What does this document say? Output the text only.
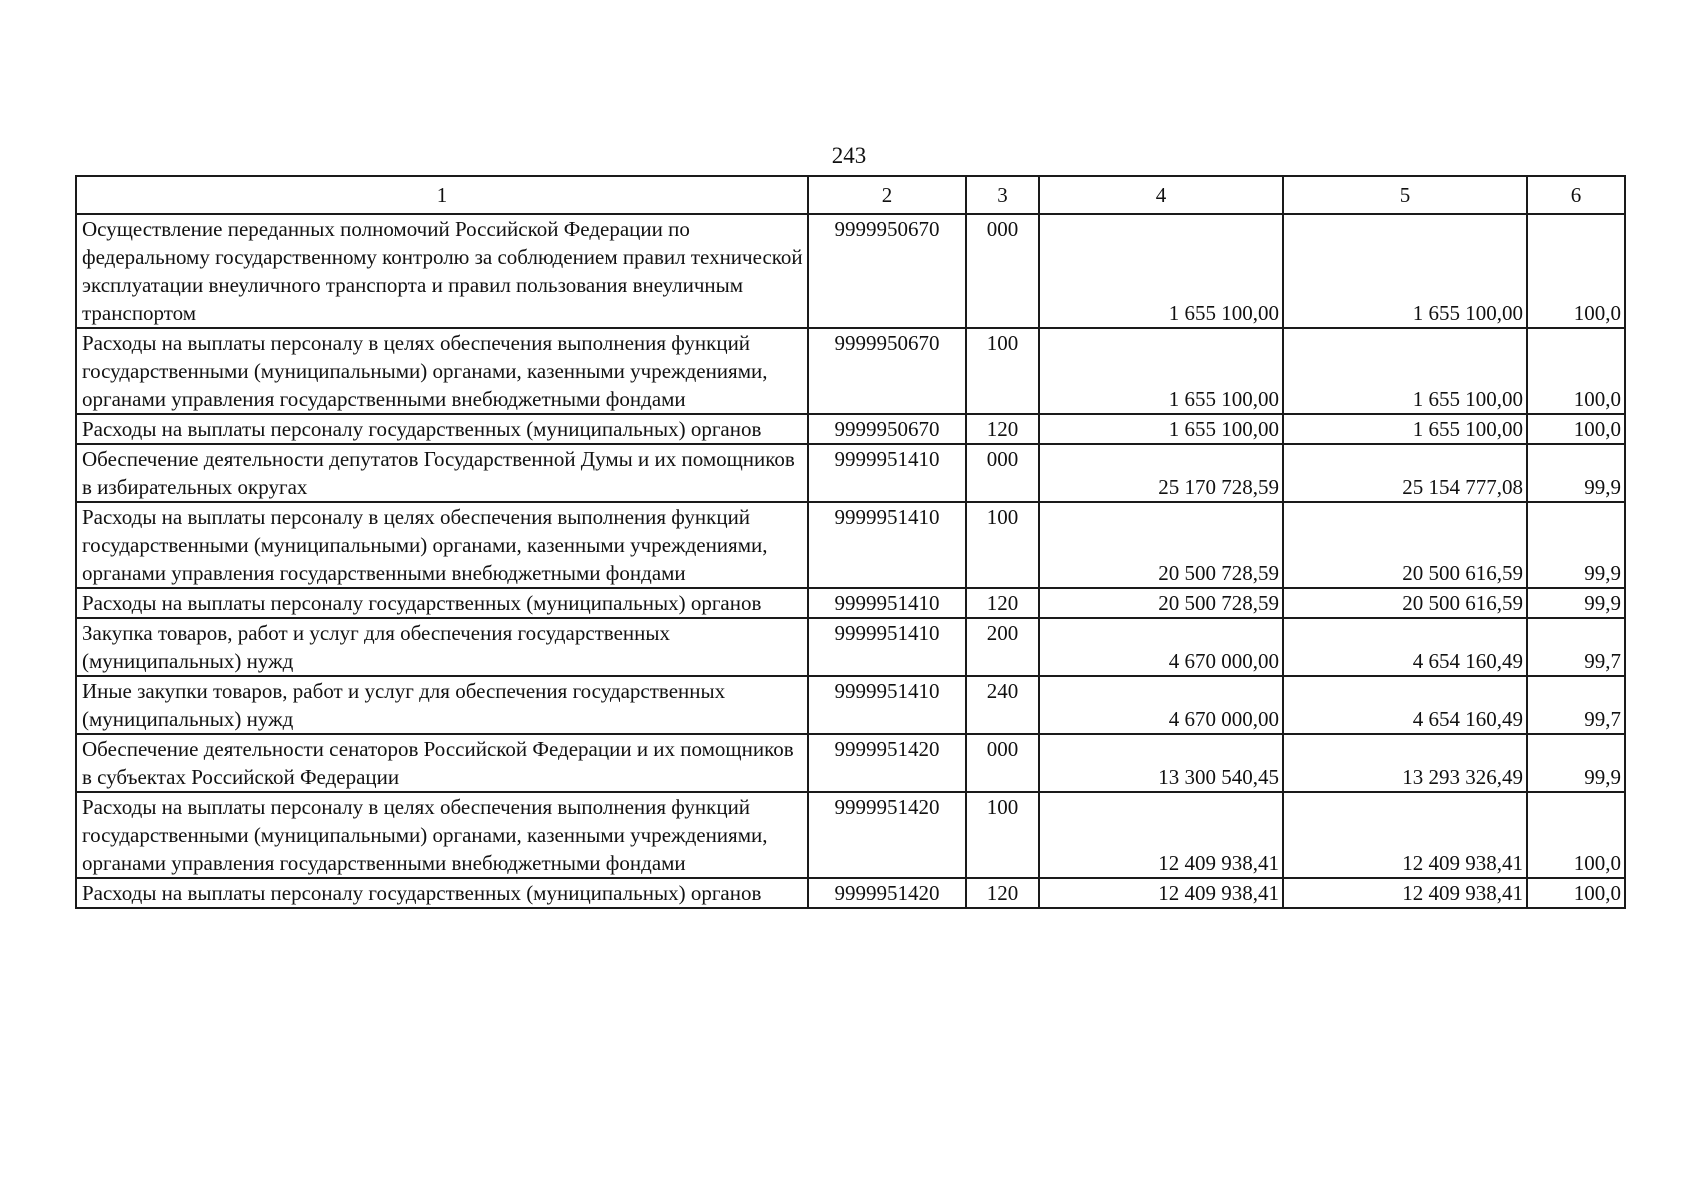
243
1	2	3	4	5	6
Осуществление переданных полномочий Российской Федерации по федеральному государственному контролю за соблюдением правил технической эксплуатации внеуличного транспорта и правил пользования внеуличным транспортом	9999950670	000	1 655 100,00	1 655 100,00	100,0
Расходы на выплаты персоналу в целях обеспечения выполнения функций государственными (муниципальными) органами, казенными учреждениями, органами управления государственными внебюджетными фондами	9999950670	100	1 655 100,00	1 655 100,00	100,0
Расходы на выплаты персоналу государственных (муниципальных) органов	9999950670	120	1 655 100,00	1 655 100,00	100,0
Обеспечение деятельности депутатов Государственной Думы и их помощников в избирательных округах	9999951410	000	25 170 728,59	25 154 777,08	99,9
Расходы на выплаты персоналу в целях обеспечения выполнения функций государственными (муниципальными) органами, казенными учреждениями, органами управления государственными внебюджетными фондами	9999951410	100	20 500 728,59	20 500 616,59	99,9
Расходы на выплаты персоналу государственных (муниципальных) органов	9999951410	120	20 500 728,59	20 500 616,59	99,9
Закупка товаров, работ и услуг для обеспечения государственных (муниципальных) нужд	9999951410	200	4 670 000,00	4 654 160,49	99,7
Иные закупки товаров, работ и услуг для обеспечения государственных (муниципальных) нужд	9999951410	240	4 670 000,00	4 654 160,49	99,7
Обеспечение деятельности сенаторов Российской Федерации и их помощников в субъектах Российской Федерации	9999951420	000	13 300 540,45	13 293 326,49	99,9
Расходы на выплаты персоналу в целях обеспечения выполнения функций государственными (муниципальными) органами, казенными учреждениями, органами управления государственными внебюджетными фондами	9999951420	100	12 409 938,41	12 409 938,41	100,0
Расходы на выплаты персоналу государственных (муниципальных) органов	9999951420	120	12 409 938,41	12 409 938,41	100,0
